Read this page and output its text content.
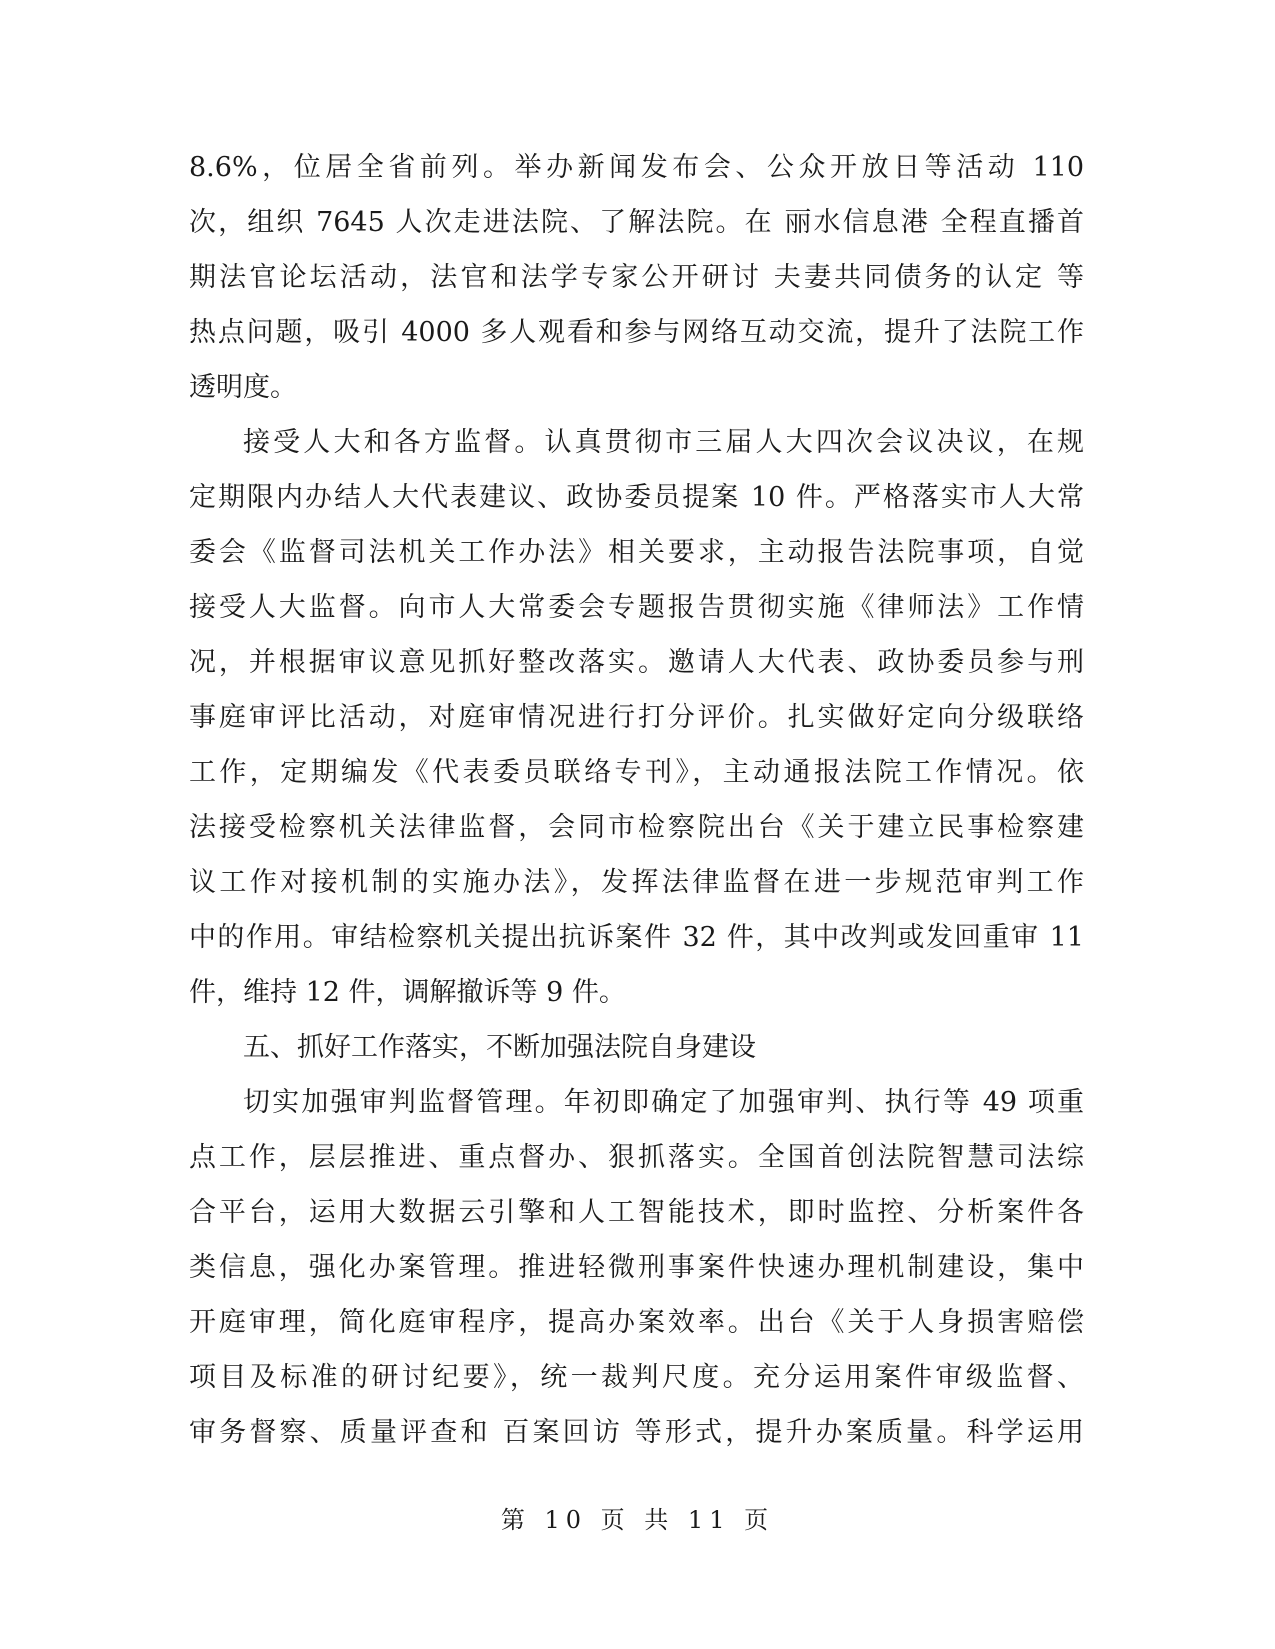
8.6%，位居全省前列。举办新闻发布会、公众开放日等活动 110
次，组织 7645 人次走进法院、了解法院。在 丽水信息港 全程直播首
期法官论坛活动，法官和法学专家公开研讨 夫妻共同债务的认定 等
热点问题，吸引 4000 多人观看和参与网络互动交流，提升了法院工作
透明度。
接受人大和各方监督。认真贯彻市三届人大四次会议决议，在规
定期限内办结人大代表建议、政协委员提案 10 件。严格落实市人大常
委会《监督司法机关工作办法》相关要求，主动报告法院事项，自觉
接受人大监督。向市人大常委会专题报告贯彻实施《律师法》工作情
况，并根据审议意见抓好整改落实。邀请人大代表、政协委员参与刑
事庭审评比活动，对庭审情况进行打分评价。扎实做好定向分级联络
工作，定期编发《代表委员联络专刊》，主动通报法院工作情况。依
法接受检察机关法律监督，会同市检察院出台《关于建立民事检察建
议工作对接机制的实施办法》，发挥法律监督在进一步规范审判工作
中的作用。审结检察机关提出抗诉案件 32 件，其中改判或发回重审 11
件，维持 12 件，调解撤诉等 9 件。
五、抓好工作落实，不断加强法院自身建设
切实加强审判监督管理。年初即确定了加强审判、执行等 49 项重
点工作，层层推进、重点督办、狠抓落实。全国首创法院智慧司法综
合平台，运用大数据云引擎和人工智能技术，即时监控、分析案件各
类信息，强化办案管理。推进轻微刑事案件快速办理机制建设，集中
开庭审理，简化庭审程序，提高办案效率。出台《关于人身损害赔偿
项目及标准的研讨纪要》，统一裁判尺度。充分运用案件审级监督、
审务督察、质量评查和 百案回访 等形式，提升办案质量。科学运用
第 10 页 共 11 页
